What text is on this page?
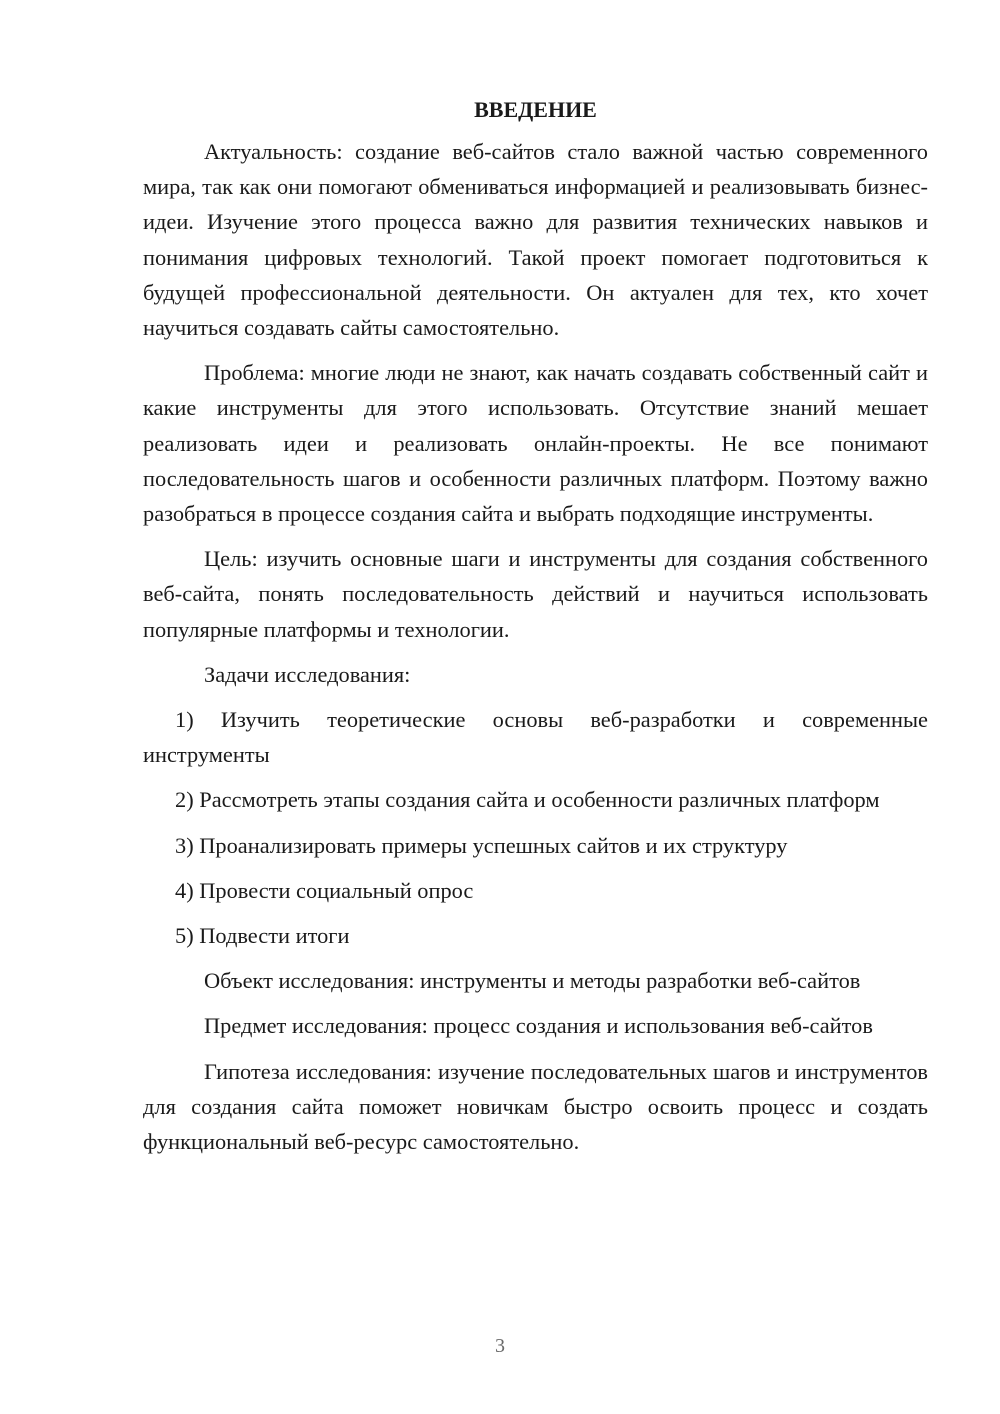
ВВЕДЕНИЕ

Актуальность: создание веб-сайтов стало важной частью современного мира, так как они помогают обмениваться информацией и реализовывать бизнес-идеи. Изучение этого процесса важно для развития технических навыков и понимания цифровых технологий. Такой проект помогает подготовиться к будущей профессиональной деятельности. Он актуален для тех, кто хочет научиться создавать сайты самостоятельно.

Проблема: многие люди не знают, как начать создавать собственный сайт и какие инструменты для этого использовать. Отсутствие знаний мешает реализовать идеи и реализовать онлайн-проекты. Не все понимают последовательность шагов и особенности различных платформ. Поэтому важно разобраться в процессе создания сайта и выбрать подходящие инструменты.

Цель: изучить основные шаги и инструменты для создания собственного веб-сайта, понять последовательность действий и научиться использовать популярные платформы и технологии.

Задачи исследования:

1) Изучить теоретические основы веб-разработки и современные инструменты

2) Рассмотреть этапы создания сайта и особенности различных платформ

3) Проанализировать примеры успешных сайтов и их структуру

4) Провести социальный опрос

5) Подвести итоги

Объект исследования: инструменты и методы разработки веб-сайтов

Предмет исследования: процесс создания и использования веб-сайтов

Гипотеза исследования: изучение последовательных шагов и инструментов для создания сайта поможет новичкам быстро освоить процесс и создать функциональный веб-ресурс самостоятельно.

3
